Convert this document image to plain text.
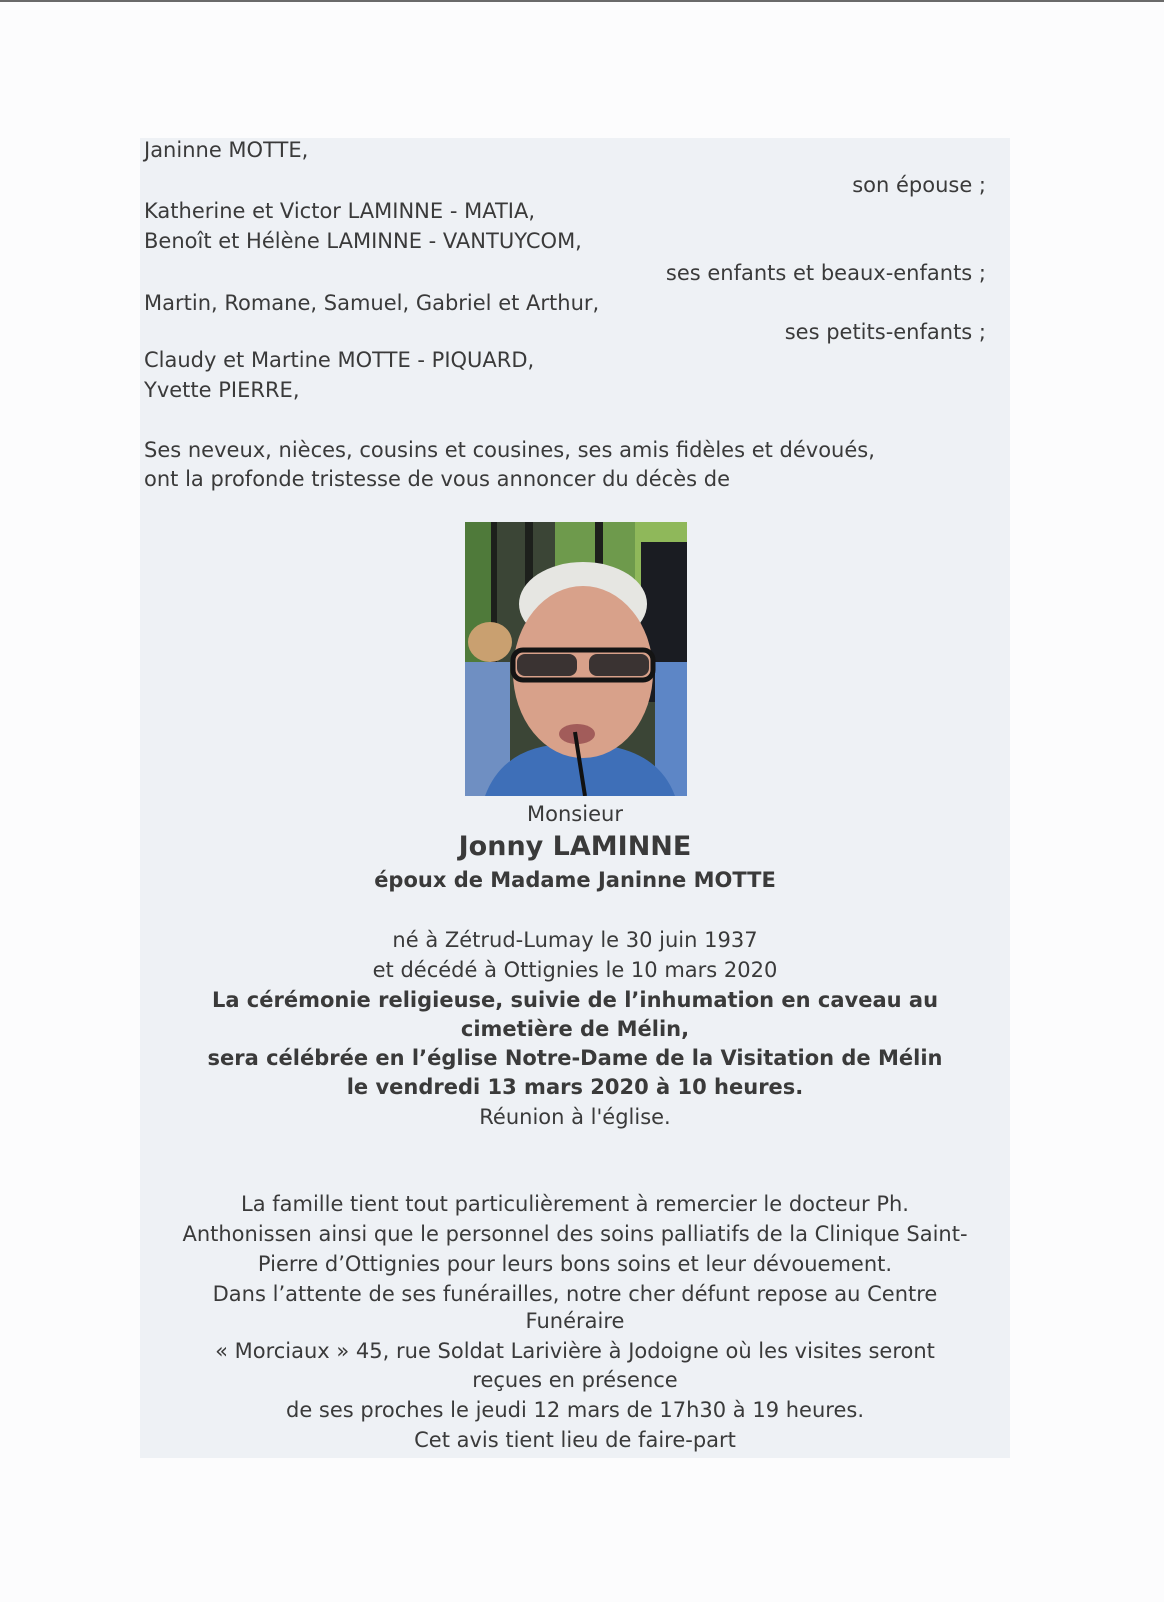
Janinne MOTTE,
son épouse ;
Katherine et Victor LAMINNE - MATIA,
Benoît et Hélène LAMINNE - VANTUYCOM,
ses enfants et beaux-enfants ;
Martin, Romane, Samuel, Gabriel et Arthur,
ses petits-enfants ;
Claudy et Martine MOTTE - PIQUARD,
Yvette PIERRE,
Ses neveux, nièces, cousins et cousines, ses amis fidèles et dévoués,
ont la profonde tristesse de vous annoncer du décès de
Monsieur
Jonny LAMINNE
époux de Madame Janinne MOTTE
né à Zétrud-Lumay le 30 juin 1937
et décédé à Ottignies le 10 mars 2020
La cérémonie religieuse, suivie de l’inhumation en caveau au
cimetière de Mélin,
sera célébrée en l’église Notre-Dame de la Visitation de Mélin
le vendredi 13 mars 2020 à 10 heures.
Réunion à l'église.
La famille tient tout particulièrement à remercier le docteur Ph.
Anthonissen ainsi que le personnel des soins palliatifs de la Clinique Saint-
Pierre d’Ottignies pour leurs bons soins et leur dévouement.
Dans l’attente de ses funérailles, notre cher défunt repose au Centre
Funéraire
« Morciaux » 45, rue Soldat Larivière à Jodoigne où les visites seront
reçues en présence
de ses proches le jeudi 12 mars de 17h30 à 19 heures.
Cet avis tient lieu de faire-part
